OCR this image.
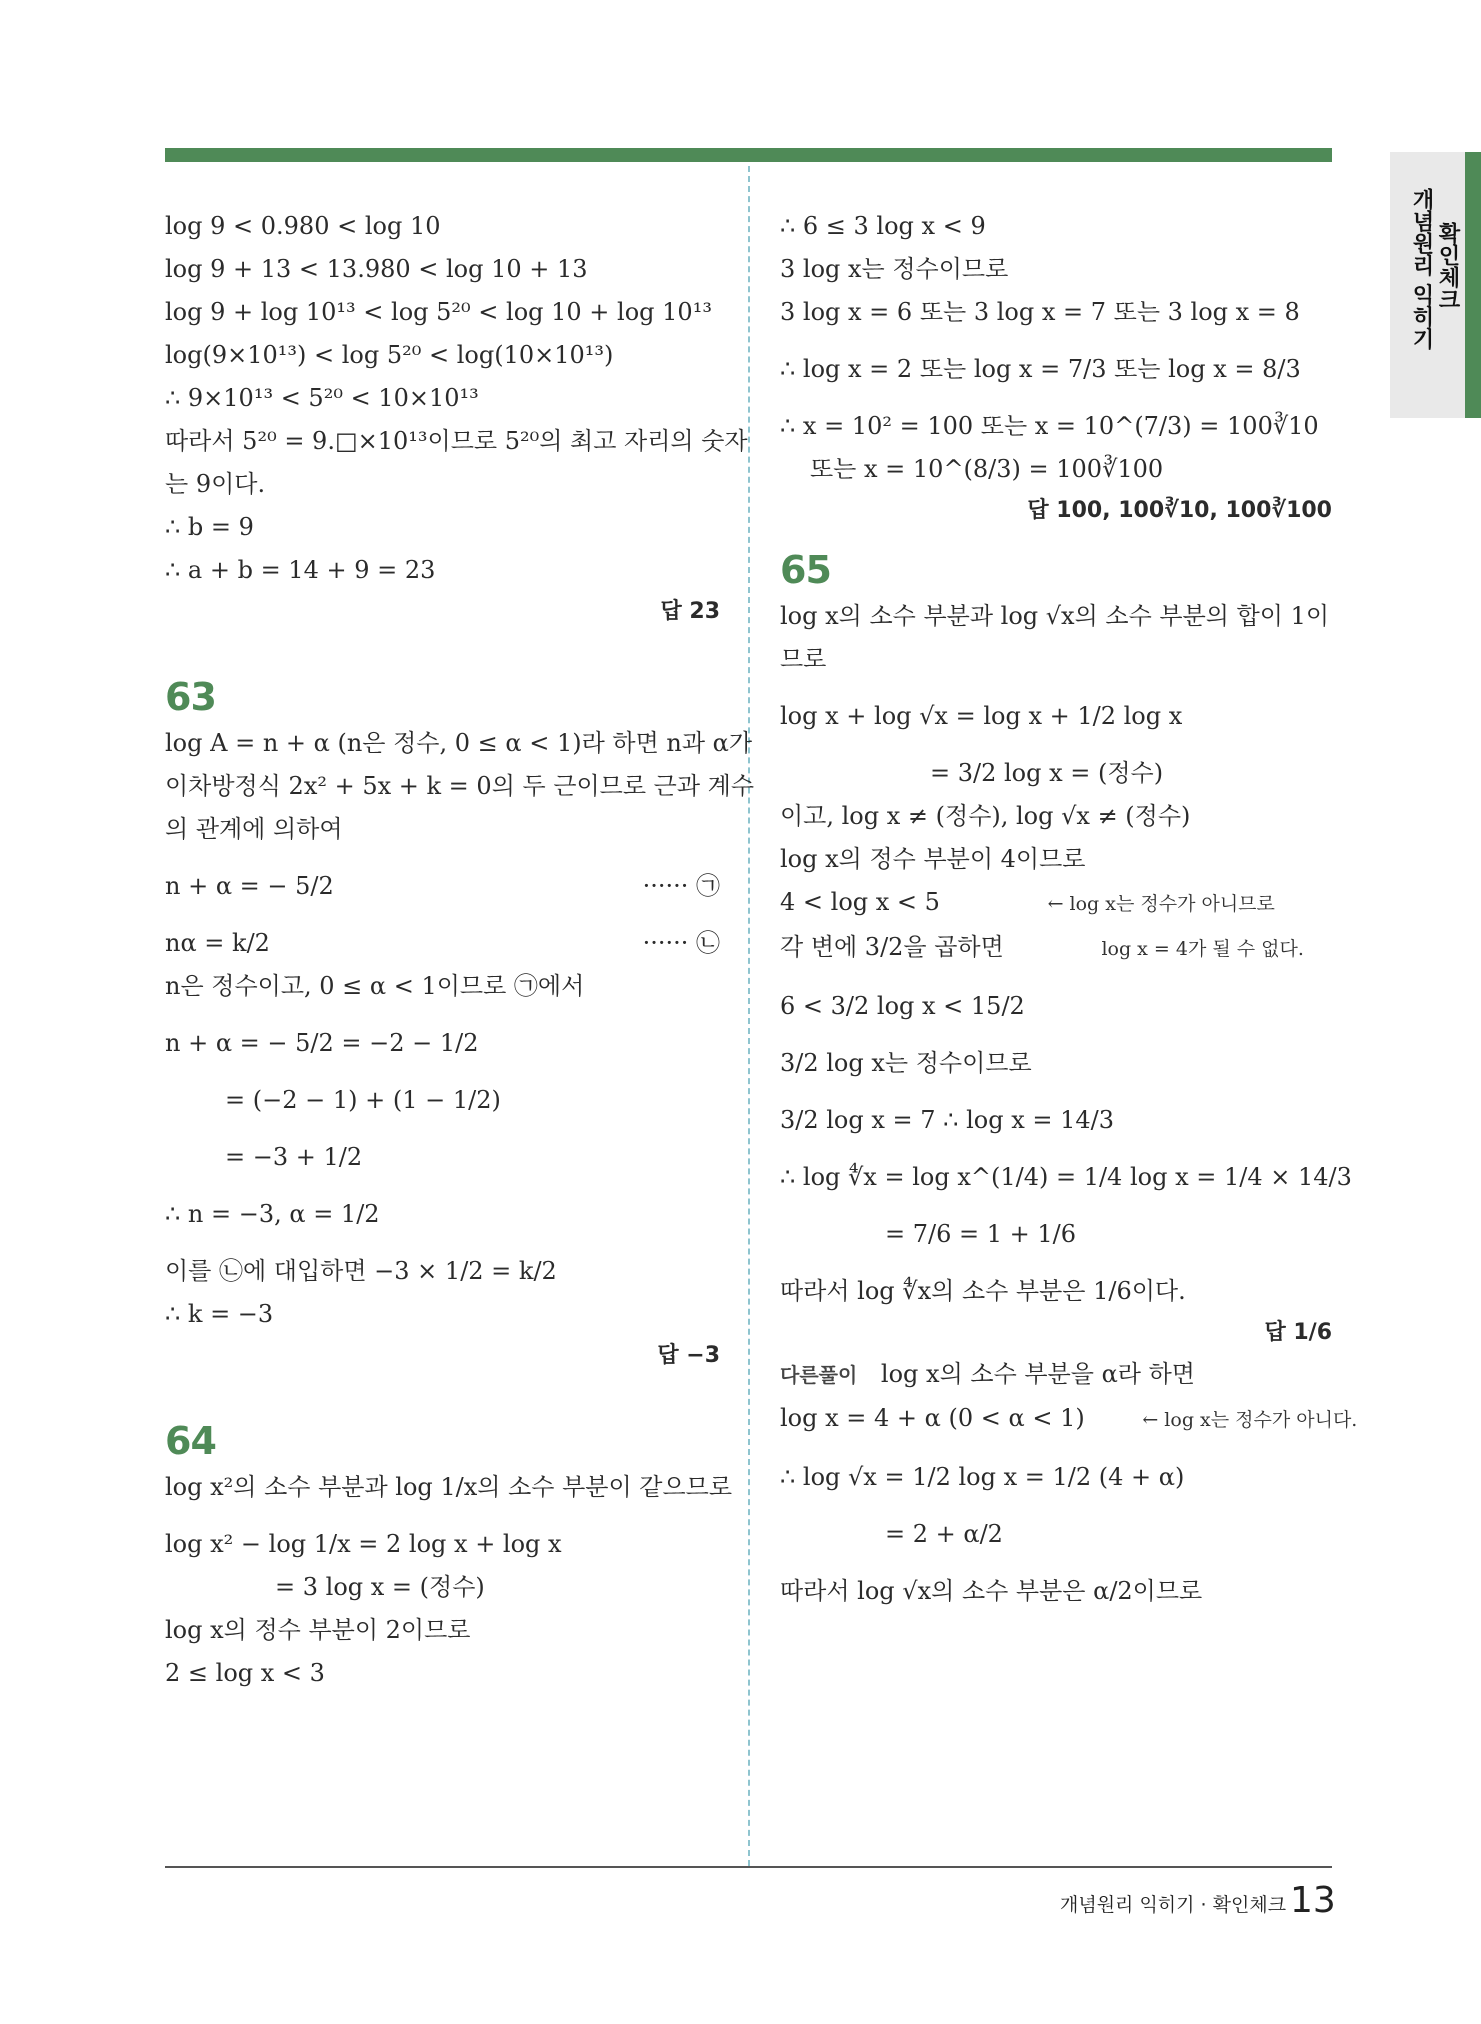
개념원리 익히기 확인체크
log 9 < 0.980 < log 10
log 9 + 13 < 13.980 < log 10 + 13
log 9 + log 10¹³ < log 5²⁰ < log 10 + log 10¹³
log(9×10¹³) < log 5²⁰ < log(10×10¹³)
∴ 9×10¹³ < 5²⁰ < 10×10¹³
따라서 5²⁰ = 9.□×10¹³이므로 5²⁰의 최고 자리의 숫자
는 9이다.
∴ b = 9
∴ a + b = 14 + 9 = 23
답 23
63
log A = n + α (n은 정수, 0 ≤ α < 1)라 하면 n과 α가
이차방정식 2x² + 5x + k = 0의 두 근이므로 근과 계수
의 관계에 의하여
n + α = − 5/2	······ ㉠
nα = k/2	······ ㉡
n은 정수이고, 0 ≤ α < 1이므로 ㉠에서
n + α = − 5/2 = −2 − 1/2
= (−2 − 1) + (1 − 1/2)
= −3 + 1/2
∴ n = −3, α = 1/2
이를 ㉡에 대입하면 −3 × 1/2 = k/2
∴ k = −3
답 −3
64
log x²의 소수 부분과 log 1/x의 소수 부분이 같으므로
log x² − log 1/x = 2 log x + log x
= 3 log x = (정수)
log x의 정수 부분이 2이므로
2 ≤ log x < 3
∴ 6 ≤ 3 log x < 9
3 log x는 정수이므로
3 log x = 6 또는 3 log x = 7 또는 3 log x = 8
∴ log x = 2 또는 log x = 7/3 또는 log x = 8/3
∴ x = 10² = 100 또는 x = 10^(7/3) = 100∛10
또는 x = 10^(8/3) = 100∛100
답 100, 100∛10, 100∛100
65
log x의 소수 부분과 log √x의 소수 부분의 합이 1이
므로
log x + log √x = log x + 1/2 log x
= 3/2 log x = (정수)
이고, log x ≠ (정수), log √x ≠ (정수)
log x의 정수 부분이 4이므로
4 < log x < 5	← log x는 정수가 아니므로
각 변에 3/2을 곱하면	log x = 4가 될 수 없다.
6 < 3/2 log x < 15/2
3/2 log x는 정수이므로
3/2 log x = 7 ∴ log x = 14/3
∴ log ∜x = log x^(1/4) = 1/4 log x = 1/4 × 14/3
= 7/6 = 1 + 1/6
따라서 log ∜x의 소수 부분은 1/6이다.
답 1/6
다른풀이 log x의 소수 부분을 α라 하면
log x = 4 + α (0 < α < 1)	← log x는 정수가 아니다.
∴ log √x = 1/2 log x = 1/2 (4 + α)
= 2 + α/2
따라서 log √x의 소수 부분은 α/2이므로
개념원리 익히기 · 확인체크 13
